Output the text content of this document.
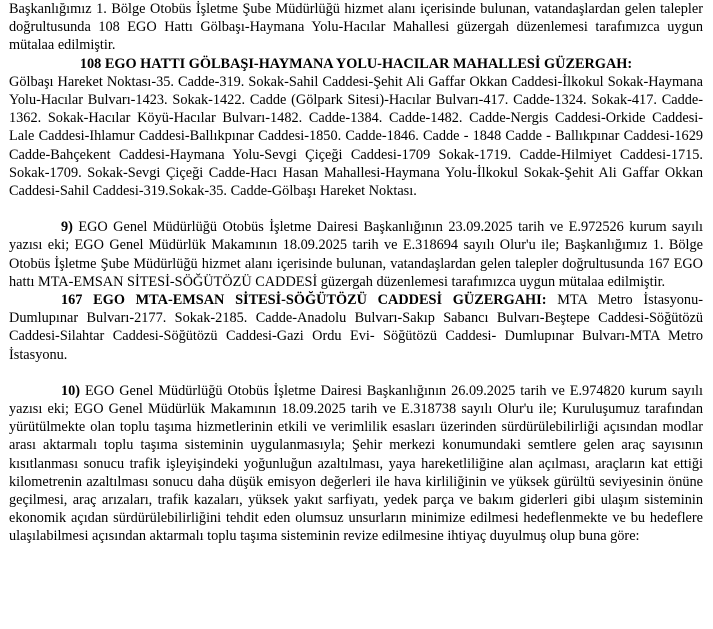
Başkanlığımız 1. Bölge Otobüs İşletme Şube Müdürlüğü hizmet alanı içerisinde bulunan, vatandaşlardan gelen talepler doğrultusunda 108 EGO Hattı Gölbaşı-Haymana Yolu-Hacılar Mahallesi güzergah düzenlemesi tarafımızca uygun mütalaa edilmiştir.

108 EGO HATTI GÖLBAŞI-HAYMANA YOLU-HACILAR MAHALLESİ GÜZERGAH:
Gölbaşı Hareket Noktası-35. Cadde-319. Sokak-Sahil Caddesi-Şehit Ali Gaffar Okkan Caddesi-İlkokul Sokak-Haymana Yolu-Hacılar Bulvarı-1423. Sokak-1422. Cadde (Gölpark Sitesi)-Hacılar Bulvarı-417. Cadde-1324. Sokak-417. Cadde-1362. Sokak-Hacılar Köyü-Hacılar Bulvarı-1482. Cadde-1384. Cadde-1482. Cadde-Nergis Caddesi-Orkide Caddesi-Lale Caddesi-Ihlamur Caddesi-Ballıkpınar Caddesi-1850. Cadde-1846. Cadde - 1848 Cadde - Ballıkpınar Caddesi-1629 Cadde-Bahçekent Caddesi-Haymana Yolu-Sevgi Çiçeği Caddesi-1709 Sokak-1719. Cadde-Hilmiyet Caddesi-1715. Sokak-1709. Sokak-Sevgi Çiçeği Cadde-Hacı Hasan Mahallesi-Haymana Yolu-İlkokul Sokak-Şehit Ali Gaffar Okkan Caddesi-Sahil Caddesi-319.Sokak-35. Cadde-Gölbaşı Hareket Noktası.

9) EGO Genel Müdürlüğü Otobüs İşletme Dairesi Başkanlığının 23.09.2025 tarih ve E.972526 kurum sayılı yazısı eki; EGO Genel Müdürlük Makamının 18.09.2025 tarih ve E.318694 sayılı Olur'u ile; Başkanlığımız 1. Bölge Otobüs İşletme Şube Müdürlüğü hizmet alanı içerisinde bulunan, vatandaşlardan gelen talepler doğrultusunda 167 EGO hattı MTA-EMSAN SİTESİ-SÖĞÜTÖZÜ CADDESİ güzergah düzenlemesi tarafımızca uygun mütalaa edilmiştir.

167 EGO MTA-EMSAN SİTESİ-SÖĞÜTÖZÜ CADDESİ GÜZERGAHI: MTA Metro İstasyonu-Dumlupınar Bulvarı-2177. Sokak-2185. Cadde-Anadolu Bulvarı-Sakıp Sabancı Bulvarı-Beştepe Caddesi-Söğütözü Caddesi-Silahtar Caddesi-Söğütözü Caddesi-Gazi Ordu Evi- Söğütözü Caddesi- Dumlupınar Bulvarı-MTA Metro İstasyonu.

10) EGO Genel Müdürlüğü Otobüs İşletme Dairesi Başkanlığının 26.09.2025 tarih ve E.974820 kurum sayılı yazısı eki; EGO Genel Müdürlük Makamının 18.09.2025 tarih ve E.318738 sayılı Olur'u ile; Kuruluşumuz tarafından yürütülmekte olan toplu taşıma hizmetlerinin etkili ve verimlilik esasları üzerinden sürdürülebilirliği açısından modlar arası aktarmalı toplu taşıma sisteminin uygulanmasıyla; Şehir merkezi konumundaki semtlere gelen araç sayısının kısıtlanması sonucu trafik işleyişindeki yoğunluğun azaltılması, yaya hareketliliğine alan açılması, araçların kat ettiği kilometrenin azaltılması sonucu daha düşük emisyon değerleri ile hava kirliliğinin ve yüksek gürültü seviyesinin önüne geçilmesi, araç arızaları, trafik kazaları, yüksek yakıt sarfiyatı, yedek parça ve bakım giderleri gibi ulaşım sisteminin ekonomik açıdan sürdürülebilirliğini tehdit eden olumsuz unsurların minimize edilmesi hedeflenmekte ve bu hedeflere ulaşılabilmesi açısından aktarmalı toplu taşıma sisteminin revize edilmesine ihtiyaç duyulmuş olup buna göre:
